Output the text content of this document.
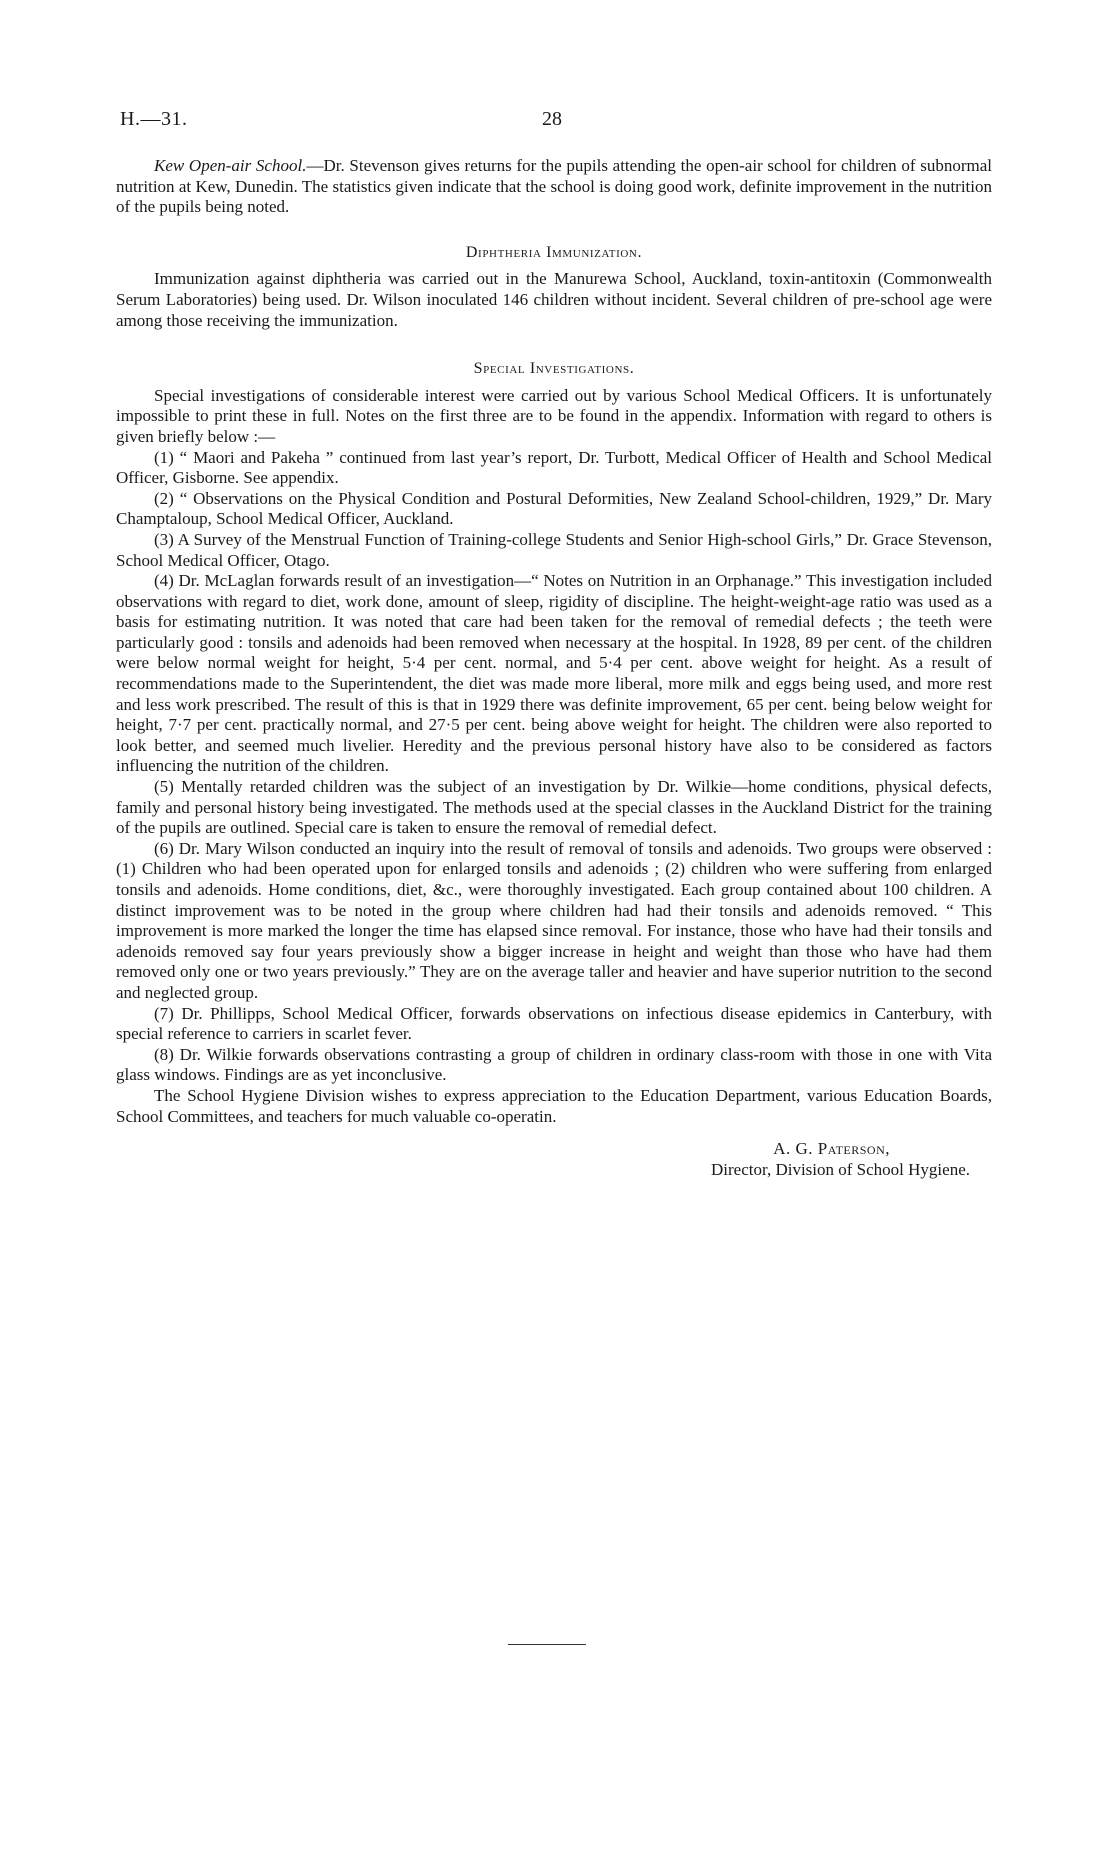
H.—31.	28

Kew Open-air School.—Dr. Stevenson gives returns for the pupils attending the open-air school for children of subnormal nutrition at Kew, Dunedin. The statistics given indicate that the school is doing good work, definite improvement in the nutrition of the pupils being noted.

Diphtheria Immunization.

Immunization against diphtheria was carried out in the Manurewa School, Auckland, toxin-antitoxin (Commonwealth Serum Laboratories) being used. Dr. Wilson inoculated 146 children without incident. Several children of pre-school age were among those receiving the immunization.

Special Investigations.

Special investigations of considerable interest were carried out by various School Medical Officers. It is unfortunately impossible to print these in full. Notes on the first three are to be found in the appendix. Information with regard to others is given briefly below :—

(1) “ Maori and Pakeha ” continued from last year’s report, Dr. Turbott, Medical Officer of Health and School Medical Officer, Gisborne. See appendix.

(2) “ Observations on the Physical Condition and Postural Deformities, New Zealand School-children, 1929,” Dr. Mary Champtaloup, School Medical Officer, Auckland.

(3) A Survey of the Menstrual Function of Training-college Students and Senior High-school Girls,” Dr. Grace Stevenson, School Medical Officer, Otago.

(4) Dr. McLaglan forwards result of an investigation—“ Notes on Nutrition in an Orphanage.” This investigation included observations with regard to diet, work done, amount of sleep, rigidity of discipline. The height-weight-age ratio was used as a basis for estimating nutrition. It was noted that care had been taken for the removal of remedial defects ; the teeth were particularly good : tonsils and adenoids had been removed when necessary at the hospital. In 1928, 89 per cent. of the children were below normal weight for height, 5·4 per cent. normal, and 5·4 per cent. above weight for height. As a result of recommendations made to the Superintendent, the diet was made more liberal, more milk and eggs being used, and more rest and less work prescribed. The result of this is that in 1929 there was definite improvement, 65 per cent. being below weight for height, 7·7 per cent. practically normal, and 27·5 per cent. being above weight for height. The children were also reported to look better, and seemed much livelier. Heredity and the previous personal history have also to be considered as factors influencing the nutrition of the children.

(5) Mentally retarded children was the subject of an investigation by Dr. Wilkie—home conditions, physical defects, family and personal history being investigated. The methods used at the special classes in the Auckland District for the training of the pupils are outlined. Special care is taken to ensure the removal of remedial defect.

(6) Dr. Mary Wilson conducted an inquiry into the result of removal of tonsils and adenoids. Two groups were observed : (1) Children who had been operated upon for enlarged tonsils and adenoids ; (2) children who were suffering from enlarged tonsils and adenoids. Home conditions, diet, &c., were thoroughly investigated. Each group contained about 100 children. A distinct improvement was to be noted in the group where children had had their tonsils and adenoids removed. “ This improvement is more marked the longer the time has elapsed since removal. For instance, those who have had their tonsils and adenoids removed say four years previously show a bigger increase in height and weight than those who have had them removed only one or two years previously.” They are on the average taller and heavier and have superior nutrition to the second and neglected group.

(7) Dr. Phillipps, School Medical Officer, forwards observations on infectious disease epidemics in Canterbury, with special reference to carriers in scarlet fever.

(8) Dr. Wilkie forwards observations contrasting a group of children in ordinary class-room with those in one with Vita glass windows. Findings are as yet inconclusive.

The School Hygiene Division wishes to express appreciation to the Education Department, various Education Boards, School Committees, and teachers for much valuable co-operatin.

A. G. Paterson,
Director, Division of School Hygiene.
